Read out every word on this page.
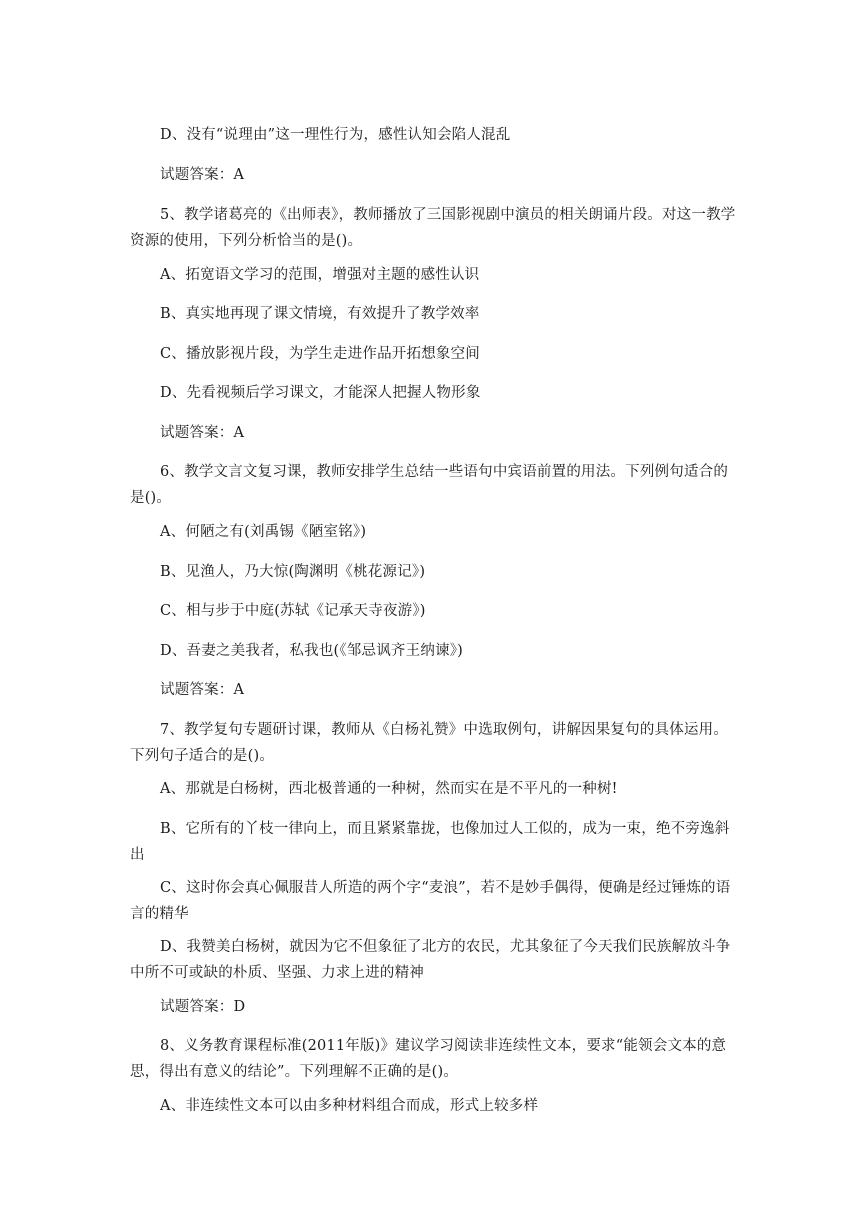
D、没有“说理由”这一理性行为，感性认知会陷人混乱
试题答案：A
5、教学诸葛亮的《出师表》，教师播放了三国影视剧中演员的相关朗诵片段。对这一教学资源的使用，下列分析恰当的是()。
A、拓宽语文学习的范围，增强对主题的感性认识
B、真实地再现了课文情境，有效提升了教学效率
C、播放影视片段，为学生走进作品开拓想象空间
D、先看视频后学习课文，才能深人把握人物形象
试题答案：A
6、教学文言文复习课，教师安排学生总结一些语句中宾语前置的用法。下列例句适合的是()。
A、何陋之有(刘禹锡《陋室铭》)
B、见渔人，乃大惊(陶渊明《桃花源记》)
C、相与步于中庭(苏轼《记承天寺夜游》)
D、吾妻之美我者，私我也(《邹忌讽齐王纳谏》)
试题答案：A
7、教学复句专题研讨课，教师从《白杨礼赞》中选取例句，讲解因果复句的具体运用。下列句子适合的是()。
A、那就是白杨树，西北极普通的一种树，然而实在是不平凡的一种树!
B、它所有的丫枝一律向上，而且紧紧靠拢，也像加过人工似的，成为一束，绝不旁逸斜出
C、这时你会真心佩服昔人所造的两个字“麦浪”，若不是妙手偶得，便确是经过锤炼的语言的精华
D、我赞美白杨树，就因为它不但象征了北方的农民，尤其象征了今天我们民族解放斗争中所不可或缺的朴质、坚强、力求上进的精神
试题答案：D
8、义务教育课程标准(2011年版)》建议学习阅读非连续性文本，要求“能领会文本的意思，得出有意义的结论”。下列理解不正确的是()。
A、非连续性文本可以由多种材料组合而成，形式上较多样
